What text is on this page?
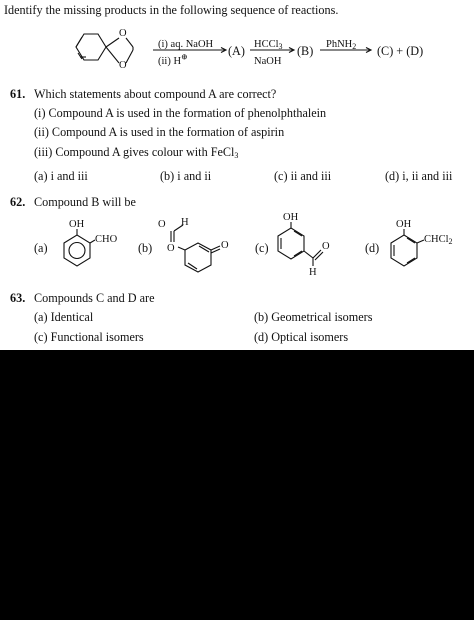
Identify the missing products in the following sequence of reactions.
O
O
(i) aq. NaOH
(ii) H⊕	(A) HCCl$_3$
NaOH
(B) PhNH$_2$ (C) + (D)
61. Which statements about compound A are correct?
(i) Compound A is used in the formation of phenolphthalein
(ii) Compound A is used in the formation of aspirin
(iii) Compound A gives colour with FeCl$_3$
(a) i and iii	(b) i and ii	(c) ii and iii	(d) i, ii and iii
62. Compound B will be
(a)	(b)	(c)	(d)
OH
CHO
O H
O	O
OH
O
H
OH
CHCl$_2$
63. Compounds C and D are
(a) Identical	(b) Geometrical isomers
(c) Functional isomers	(d) Optical isomers
